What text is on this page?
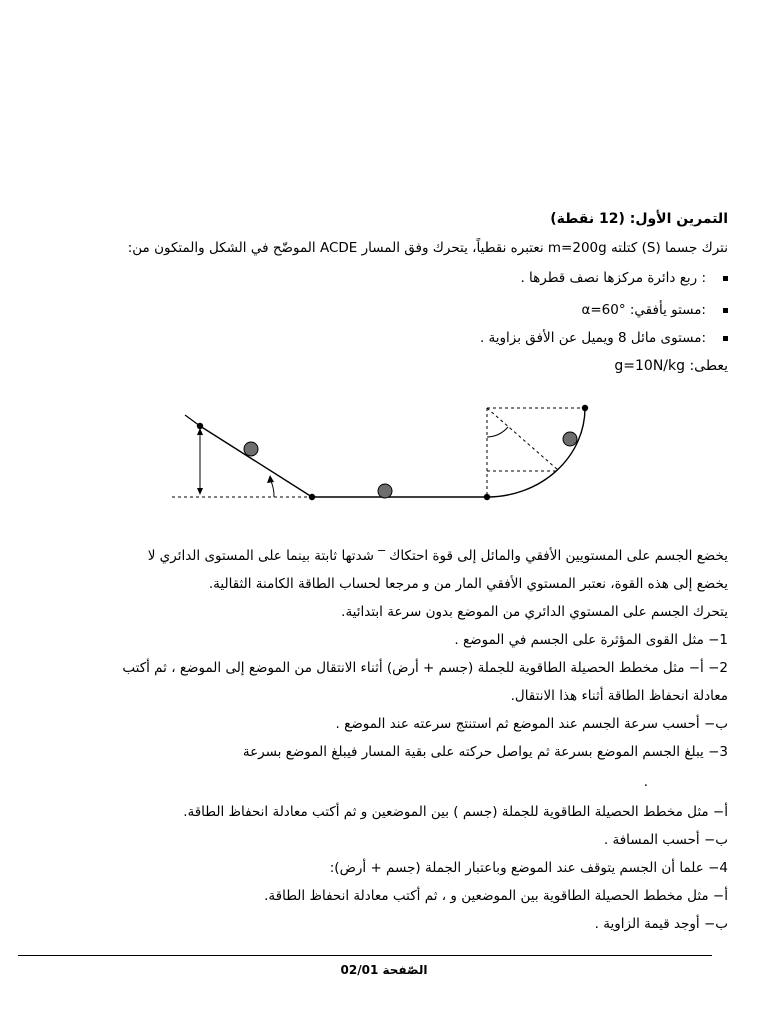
التمرين الأول: (12 نقطة)
نترك جسما (S) كتلته m=200g نعتبره نقطياً، يتحرك وفق المسار ACDE الموضّح في الشكل والمتكون من:
: ربع دائرة مركزها نصف قطرها .
:مستو يأفقي: α=60°
:مستوى مائل 8 ويميل عن الأفق بزاوية .
يعطى: g=10N/kg
يخضع الجسم على المستويين الأفقي والمائل إلى قوة احتكاك ‾ شدتها ثابتة بينما على المستوى الدائري لا
يخضع إلى هذه القوة، نعتبر المستوي الأفقي المار من و مرجعا لحساب الطاقة الكامنة الثقالية.
يتحرك الجسم على المستوي الدائري من الموضع بدون سرعة ابتدائية.
1− مثل القوى المؤثرة على الجسم في الموضع .
2− أ− مثل مخطط الحصيلة الطاقوية للجملة (جسم + أرض) أثناء الانتقال من الموضع إلى الموضع ، ثم أكتب
معادلة انحفاظ الطاقة أثناء هذا الانتقال.
ب− أحسب سرعة الجسم عند الموضع ثم استنتج سرعته عند الموضع .
3− يبلغ الجسم الموضع بسرعة ثم يواصل حركته على بقية المسار فيبلغ الموضع بسرعة
.
أ− مثل مخطط الحصيلة الطاقوية للجملة (جسم ) بين الموضعين و ثم أكتب معادلة انحفاظ الطاقة.
ب− أحسب المسافة .
4− علما أن الجسم يتوقف عند الموضع وباعتبار الجملة (جسم + أرض):
أ− مثل مخطط الحصيلة الطاقوية بين الموضعين و ، ثم أكتب معادلة انحفاظ الطاقة.
ب− أوجد قيمة الزاوية .
الصّفحة 02/01
